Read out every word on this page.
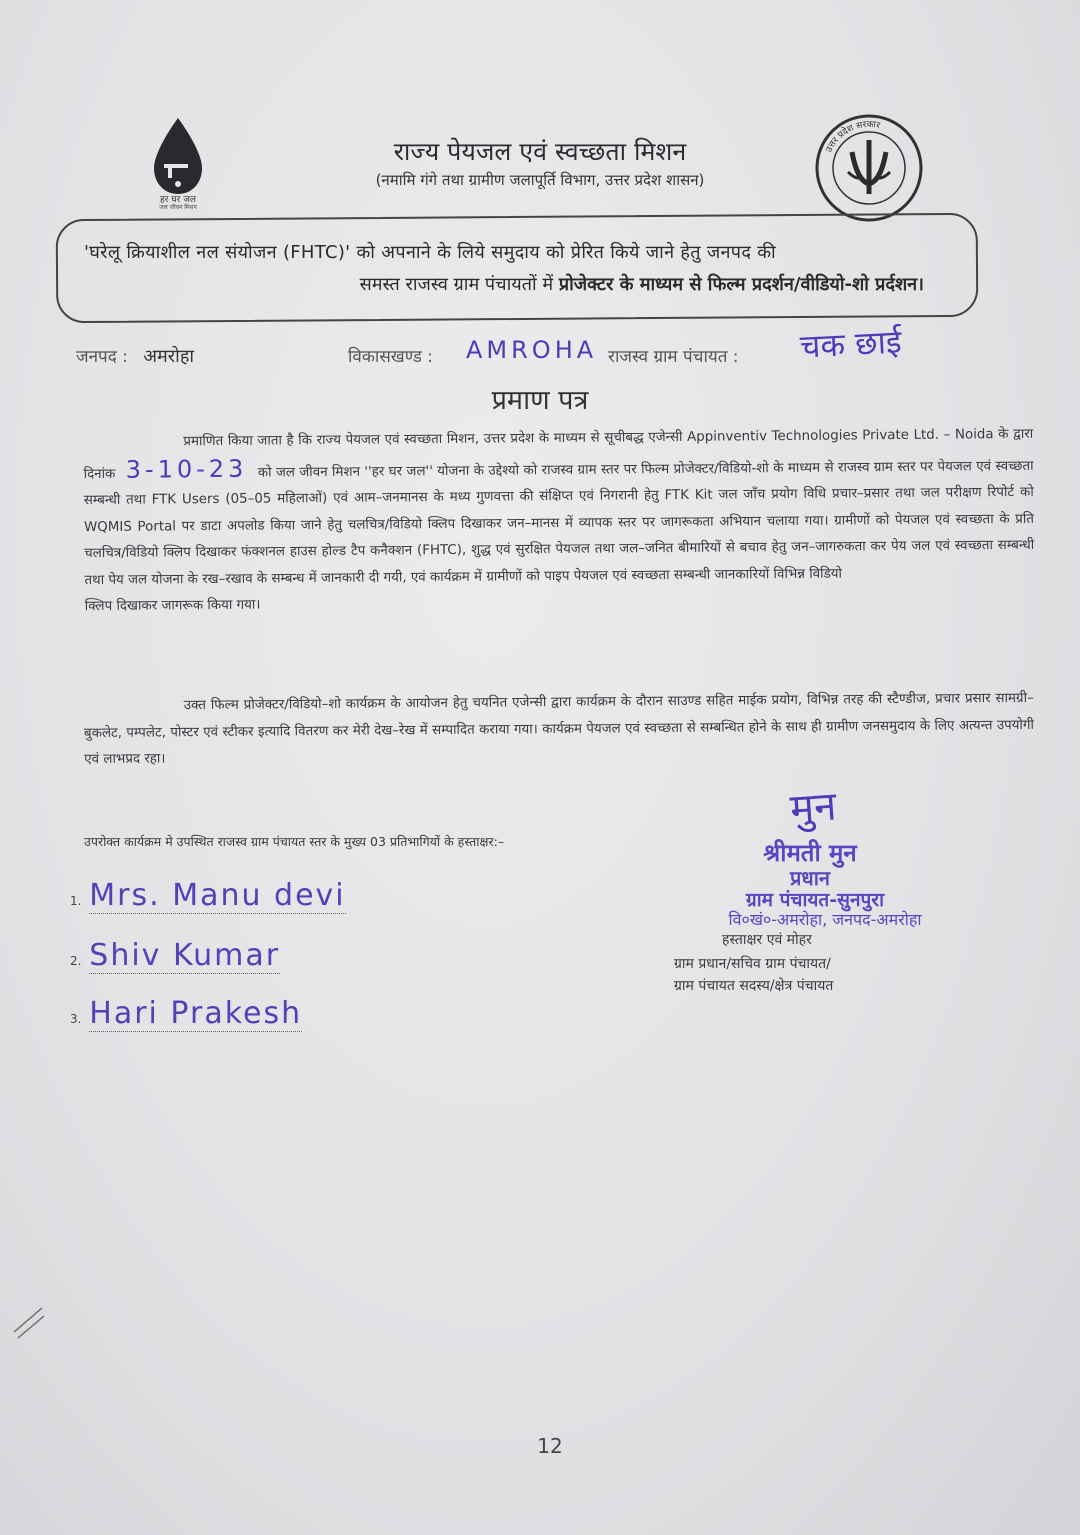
हर घर जल
जल जीवन मिशन
उत्तर प्रदेश सरकार
राज्य पेयजल एवं स्वच्छता मिशन
(नमामि गंगे तथा ग्रामीण जलापूर्ति विभाग, उत्तर प्रदेश शासन)
'घरेलू क्रियाशील नल संयोजन (FHTC)' को अपनाने के लिये समुदाय को प्रेरित किये जाने हेतु जनपद की
समस्त राजस्व ग्राम पंचायतों में प्रोजेक्टर के माध्यम से फिल्म प्रदर्शन/वीडियो-शो प्रर्दशन।
जनपद : अमरोहा	विकासखण्ड : AMROHA राजस्व ग्राम पंचायत : चक छाई
प्रमाण पत्र

प्रमाणित किया जाता है कि राज्य पेयजल एवं स्वच्छता मिशन, उत्तर प्रदेश के माध्यम से सूचीबद्ध एजेन्सी Appinventiv Technologies Private Ltd. – Noida के द्वारा दिनांक 3-10-23 को जल जीवन मिशन ''हर घर जल'' योजना के उद्देश्यो को राजस्व ग्राम स्तर पर फिल्म प्रोजेक्टर/विडियो-शो के माध्यम से राजस्व ग्राम स्तर पर पेयजल एवं स्वच्छता सम्बन्धी तथा FTK Users (05–05 महिलाओं) एवं आम–जनमानस के मध्य गुणवत्ता की संक्षिप्त एवं निगरानी हेतु FTK Kit जल जाँच प्रयोग विधि प्रचार–प्रसार तथा जल परीक्षण रिपोर्ट को WQMIS Portal पर डाटा अपलोड किया जाने हेतु चलचित्र/विडियो क्लिप दिखाकर जन–मानस में व्यापक स्तर पर जागरूकता अभियान चलाया गया। ग्रामीणों को पेयजल एवं स्वच्छता के प्रति चलचित्र/विडियो क्लिप दिखाकर फंक्शनल हाउस होल्ड टैप कनैक्शन (FHTC), शुद्ध एवं सुरक्षित पेयजल तथा जल–जनित बीमारियों से बचाव हेतु जन–जागरुकता कर पेय जल एवं स्वच्छता सम्बन्धी तथा पेय जल योजना के रख–रखाव के सम्बन्ध में जानकारी दी गयी, एवं कार्यक्रम में ग्रामीणों को पाइप पेयजल एवं स्वच्छता सम्बन्धी जानकारियों विभिन्न विडियो

क्लिप दिखाकर जागरूक किया गया।

उक्त फिल्म प्रोजेक्टर/विडियो–शो कार्यक्रम के आयोजन हेतु चयनित एजेन्सी द्वारा कार्यक्रम के दौरान साउण्ड सहित माईक प्रयोग, विभिन्न तरह की स्टैण्डीज, प्रचार प्रसार सामग्री–बुकलेट, पम्पलेट, पोस्टर एवं स्टीकर इत्यादि वितरण कर मेरी देख–रेख में सम्पादित कराया गया। कार्यक्रम पेयजल एवं स्वच्छता से सम्बन्धित होने के साथ ही ग्रामीण जनसमुदाय के लिए अत्यन्त उपयोगी एवं लाभप्रद रहा।

उपरोक्त कार्यक्रम मे उपस्थित राजस्व ग्राम पंचायत स्तर के मुख्य 03 प्रतिभागियों के हस्ताक्षर:–
1. Mrs. Manu devi
2. Shiv Kumar
3. Hari Prakesh
मुन
श्रीमती मुन
प्रधान
ग्राम पंचायत-सुनपुरा
वि०खं०-अमरोहा, जनपद-अमरोहा
हस्ताक्षर एवं मोहर
ग्राम प्रधान/सचिव ग्राम पंचायत/
ग्राम पंचायत सदस्य/क्षेत्र पंचायत
12
